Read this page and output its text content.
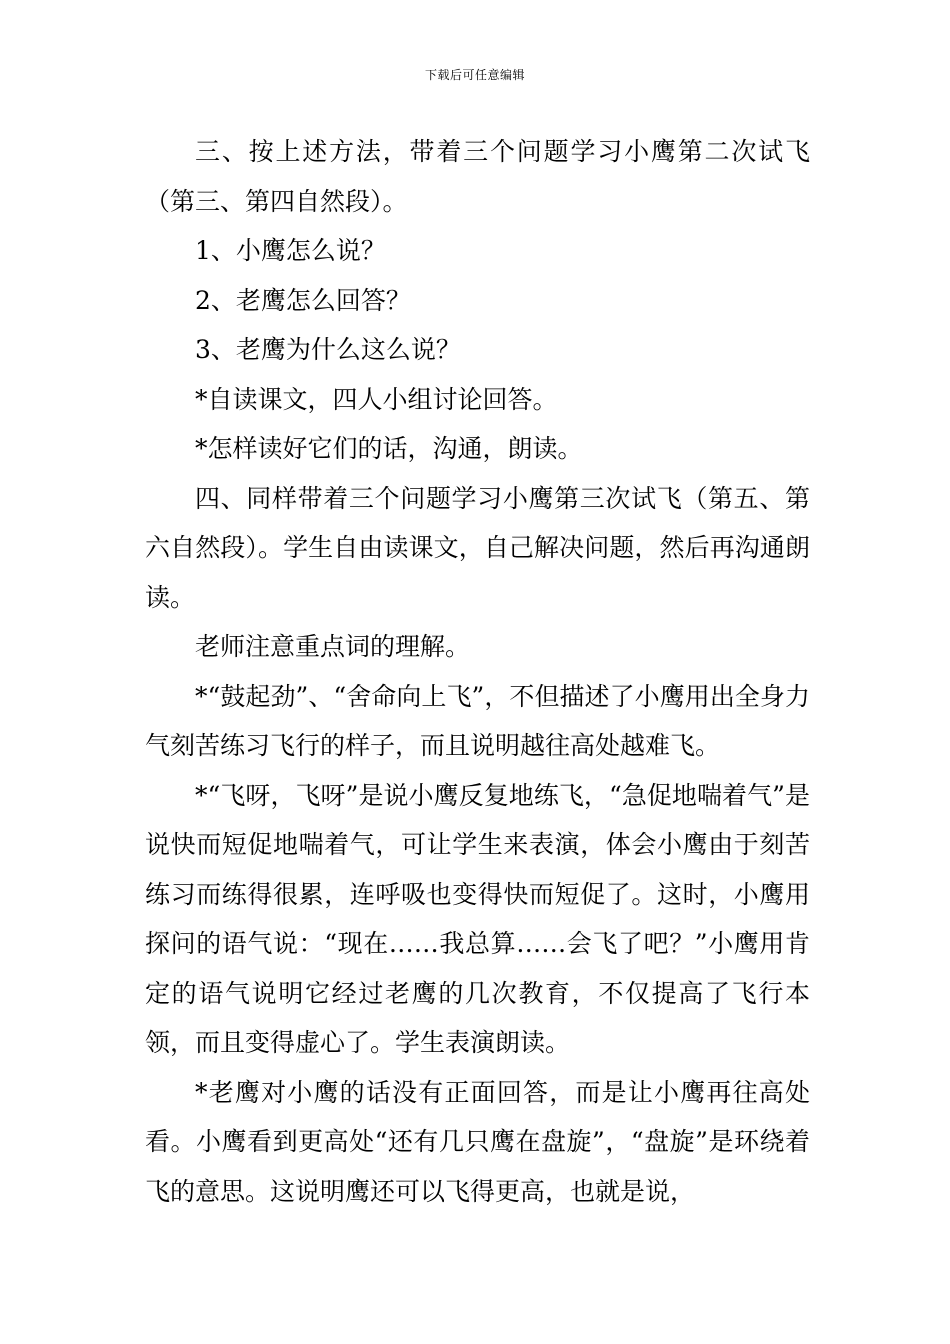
下载后可任意编辑

三、按上述方法，带着三个问题学习小鹰第二次试飞（第三、第四自然段）。

1、小鹰怎么说？

2、老鹰怎么回答？

3、老鹰为什么这么说？

*自读课文，四人小组讨论回答。

*怎样读好它们的话，沟通，朗读。

四、同样带着三个问题学习小鹰第三次试飞（第五、第六自然段）。学生自由读课文，自己解决问题，然后再沟通朗读。

老师注意重点词的理解。

*“鼓起劲”、“舍命向上飞”，不但描述了小鹰用出全身力气刻苦练习飞行的样子，而且说明越往高处越难飞。

*“飞呀，飞呀”是说小鹰反复地练飞，“急促地喘着气”是说快而短促地喘着气，可让学生来表演，体会小鹰由于刻苦练习而练得很累，连呼吸也变得快而短促了。这时，小鹰用探问的语气说：“现在……我总算……会飞了吧？”小鹰用肯定的语气说明它经过老鹰的几次教育，不仅提高了飞行本领，而且变得虚心了。学生表演朗读。

*老鹰对小鹰的话没有正面回答，而是让小鹰再往高处看。小鹰看到更高处“还有几只鹰在盘旋”，“盘旋”是环绕着飞的意思。这说明鹰还可以飞得更高，也就是说，
